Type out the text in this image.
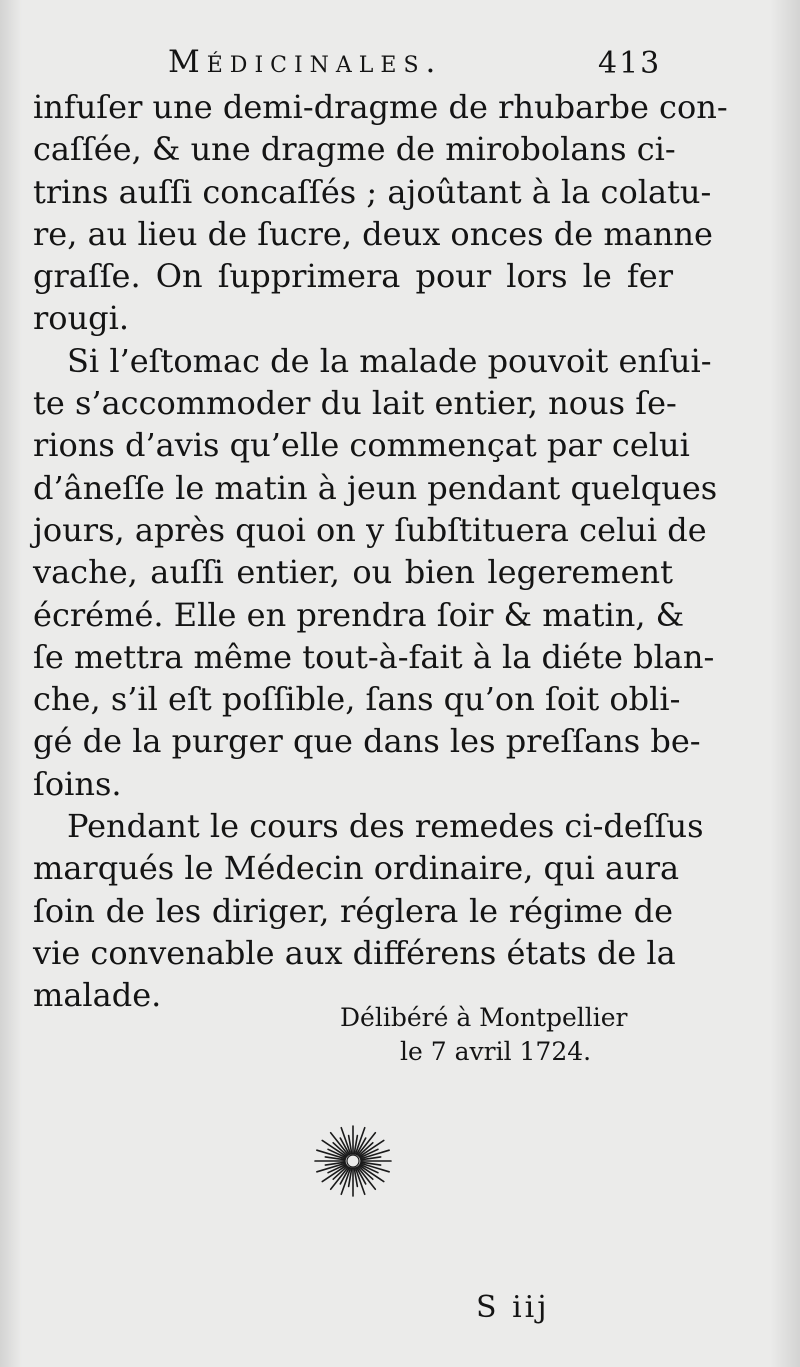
Médicinales.	413
infuſer une demi-dragme de rhubarbe con-
caſſée, & une dragme de mirobolans ci-
trins auſſi concaſſés ; ajoûtant à la colatu-
re, au lieu de ſucre, deux onces de manne
graſſe. On ſupprimera pour lors le fer
rougi.
Si l’eſtomac de la malade pouvoit enſui-
te s’accommoder du lait entier, nous ſe-
rions d’avis qu’elle commençat par celui
d’âneſſe le matin à jeun pendant quelques
jours, après quoi on y ſubſtituera celui de
vache, auſſi entier, ou bien legerement
écrémé. Elle en prendra ſoir & matin, &
ſe mettra même tout-à-fait à la diéte blan-
che, s’il eſt poſſible, ſans qu’on ſoit obli-
gé de la purger que dans les preſſans be-
ſoins.
Pendant le cours des remedes ci-deſſus
marqués le Médecin ordinaire, qui aura
ſoin de les diriger, réglera le régime de
vie convenable aux différens états de la
malade.
Délibéré à Montpellier
le 7 avril 1724.
S iij
